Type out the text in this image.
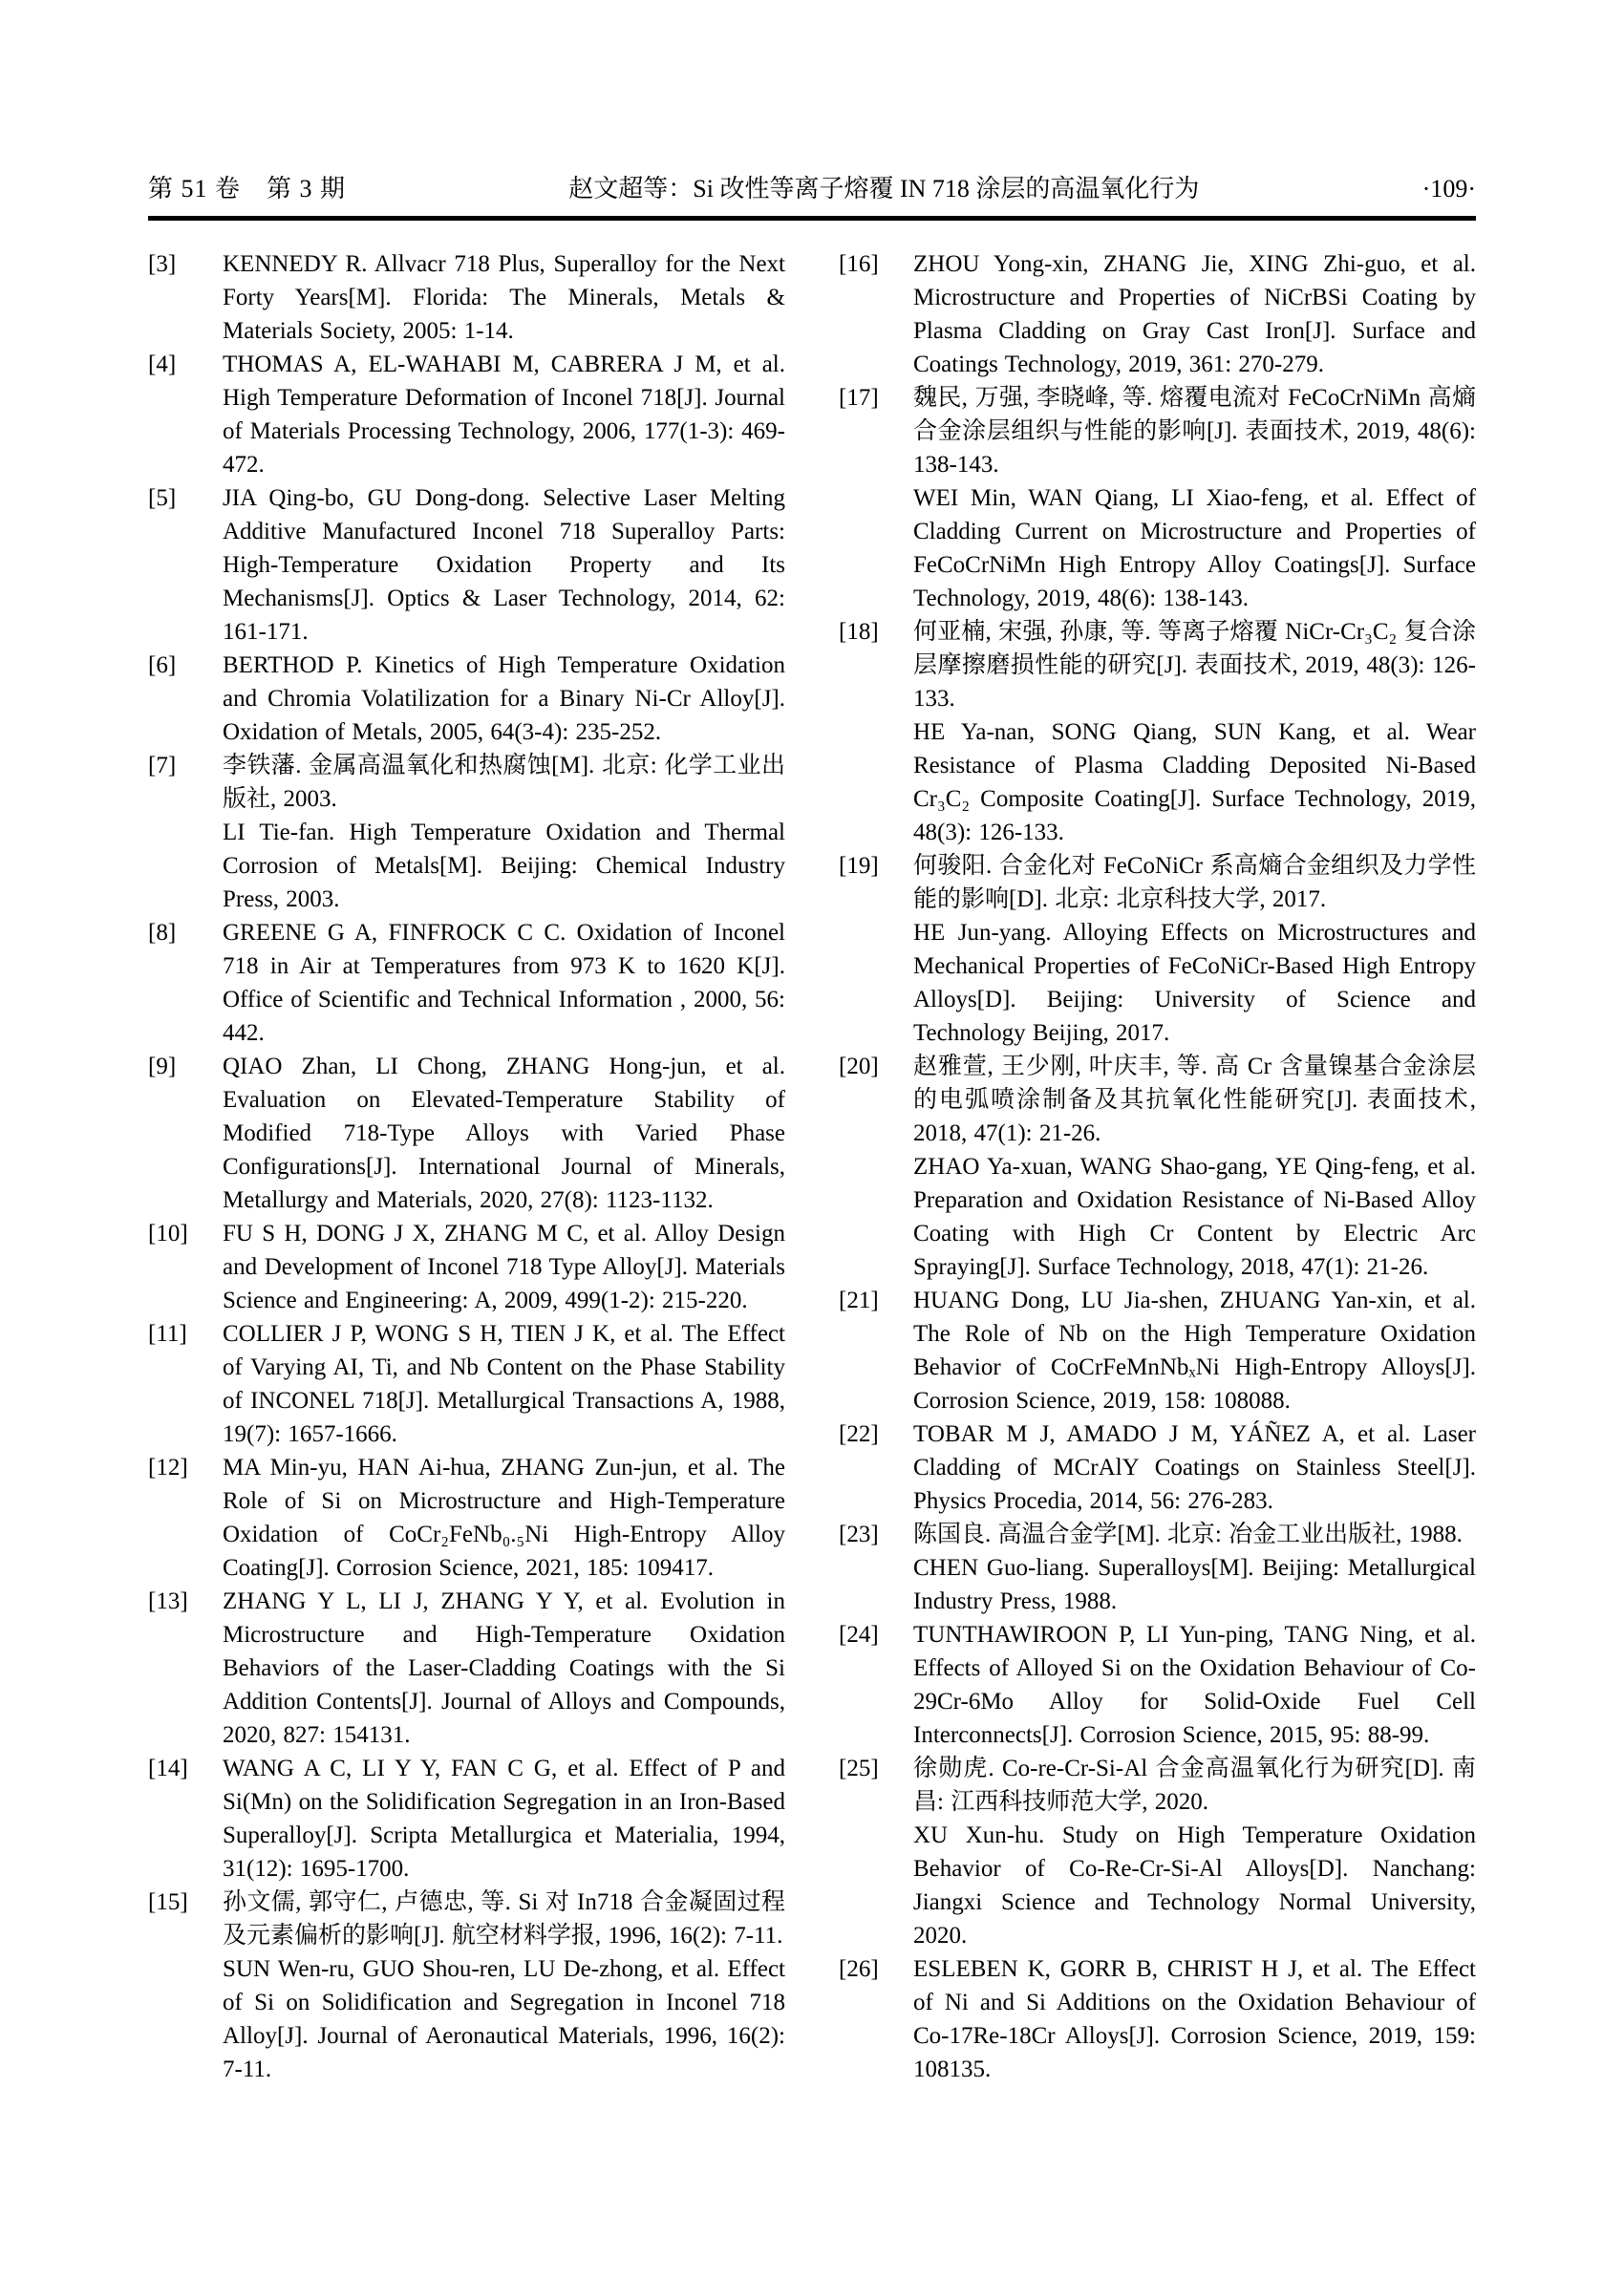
第 51 卷　第 3 期	赵文超等：Si 改性等离子熔覆 IN 718 涂层的高温氧化行为	·109·
[3]	KENNEDY R. Allvacr 718 Plus, Superalloy for the Next Forty Years[M]. Florida: The Minerals, Metals & Materials Society, 2005: 1-14.

[4]	THOMAS A, EL-WAHABI M, CABRERA J M, et al. High Temperature Deformation of Inconel 718[J]. Journal of Materials Processing Technology, 2006, 177(1-3): 469-472.

[5]	JIA Qing-bo, GU Dong-dong. Selective Laser Melting Additive Manufactured Inconel 718 Superalloy Parts: High-Temperature Oxidation Property and Its Mechanisms[J]. Optics & Laser Technology, 2014, 62: 161-171.

[6]	BERTHOD P. Kinetics of High Temperature Oxidation and Chromia Volatilization for a Binary Ni-Cr Alloy[J]. Oxidation of Metals, 2005, 64(3-4): 235-252.

[7]	李铁藩. 金属高温氧化和热腐蚀[M]. 北京: 化学工业出版社, 2003.

LI Tie-fan. High Temperature Oxidation and Thermal Corrosion of Metals[M]. Beijing: Chemical Industry Press, 2003.

[8]	GREENE G A, FINFROCK C C. Oxidation of Inconel 718 in Air at Temperatures from 973 K to 1620 K[J]. Office of Scientific and Technical Information , 2000, 56: 442.

[9]	QIAO Zhan, LI Chong, ZHANG Hong-jun, et al. Evaluation on Elevated-Temperature Stability of Modified 718-Type Alloys with Varied Phase Configurations[J]. International Journal of Minerals, Metallurgy and Materials, 2020, 27(8): 1123-1132.

[10]	FU S H, DONG J X, ZHANG M C, et al. Alloy Design and Development of Inconel 718 Type Alloy[J]. Materials Science and Engineering: A, 2009, 499(1-2): 215-220.

[11]	COLLIER J P, WONG S H, TIEN J K, et al. The Effect of Varying AI, Ti, and Nb Content on the Phase Stability of INCONEL 718[J]. Metallurgical Transactions A, 1988, 19(7): 1657-1666.

[12]	MA Min-yu, HAN Ai-hua, ZHANG Zun-jun, et al. The Role of Si on Microstructure and High-Temperature Oxidation of CoCr₂FeNb₀.₅Ni High-Entropy Alloy Coating[J]. Corrosion Science, 2021, 185: 109417.

[13]	ZHANG Y L, LI J, ZHANG Y Y, et al. Evolution in Microstructure and High-Temperature Oxidation Behaviors of the Laser-Cladding Coatings with the Si Addition Contents[J]. Journal of Alloys and Compounds, 2020, 827: 154131.

[14]	WANG A C, LI Y Y, FAN C G, et al. Effect of P and Si(Mn) on the Solidification Segregation in an Iron-Based Superalloy[J]. Scripta Metallurgica et Materialia, 1994, 31(12): 1695-1700.

[15]	孙文儒, 郭守仁, 卢德忠, 等. Si 对 In718 合金凝固过程及元素偏析的影响[J]. 航空材料学报, 1996, 16(2): 7-11.

SUN Wen-ru, GUO Shou-ren, LU De-zhong, et al. Effect of Si on Solidification and Segregation in Inconel 718 Alloy[J]. Journal of Aeronautical Materials, 1996, 16(2): 7-11.

[16]	ZHOU Yong-xin, ZHANG Jie, XING Zhi-guo, et al. Microstructure and Properties of NiCrBSi Coating by Plasma Cladding on Gray Cast Iron[J]. Surface and Coatings Technology, 2019, 361: 270-279.

[17]	魏民, 万强, 李晓峰, 等. 熔覆电流对 FeCoCrNiMn 高熵合金涂层组织与性能的影响[J]. 表面技术, 2019, 48(6): 138-143.

WEI Min, WAN Qiang, LI Xiao-feng, et al. Effect of Cladding Current on Microstructure and Properties of FeCoCrNiMn High Entropy Alloy Coatings[J]. Surface Technology, 2019, 48(6): 138-143.

[18]	何亚楠, 宋强, 孙康, 等. 等离子熔覆 NiCr-Cr₃C₂ 复合涂层摩擦磨损性能的研究[J]. 表面技术, 2019, 48(3): 126-133.

HE Ya-nan, SONG Qiang, SUN Kang, et al. Wear Resistance of Plasma Cladding Deposited Ni-Based Cr₃C₂ Composite Coating[J]. Surface Technology, 2019, 48(3): 126-133.

[19]	何骏阳. 合金化对 FeCoNiCr 系高熵合金组织及力学性能的影响[D]. 北京: 北京科技大学, 2017.

HE Jun-yang. Alloying Effects on Microstructures and Mechanical Properties of FeCoNiCr-Based High Entropy Alloys[D]. Beijing: University of Science and Technology Beijing, 2017.

[20]	赵雅萱, 王少刚, 叶庆丰, 等. 高 Cr 含量镍基合金涂层的电弧喷涂制备及其抗氧化性能研究[J]. 表面技术, 2018, 47(1): 21-26.

ZHAO Ya-xuan, WANG Shao-gang, YE Qing-feng, et al. Preparation and Oxidation Resistance of Ni-Based Alloy Coating with High Cr Content by Electric Arc Spraying[J]. Surface Technology, 2018, 47(1): 21-26.

[21]	HUANG Dong, LU Jia-shen, ZHUANG Yan-xin, et al. The Role of Nb on the High Temperature Oxidation Behavior of CoCrFeMnNbₓNi High-Entropy Alloys[J]. Corrosion Science, 2019, 158: 108088.

[22]	TOBAR M J, AMADO J M, YÁÑEZ A, et al. Laser Cladding of MCrAlY Coatings on Stainless Steel[J]. Physics Procedia, 2014, 56: 276-283.

[23]	陈国良. 高温合金学[M]. 北京: 冶金工业出版社, 1988.

CHEN Guo-liang. Superalloys[M]. Beijing: Metallurgical Industry Press, 1988.

[24]	TUNTHAWIROON P, LI Yun-ping, TANG Ning, et al. Effects of Alloyed Si on the Oxidation Behaviour of Co-29Cr-6Mo Alloy for Solid-Oxide Fuel Cell Interconnects[J]. Corrosion Science, 2015, 95: 88-99.

[25]	徐勋虎. Co-re-Cr-Si-Al 合金高温氧化行为研究[D]. 南昌: 江西科技师范大学, 2020.

XU Xun-hu. Study on High Temperature Oxidation Behavior of Co-Re-Cr-Si-Al Alloys[D]. Nanchang: Jiangxi Science and Technology Normal University, 2020.

[26]	ESLEBEN K, GORR B, CHRIST H J, et al. The Effect of Ni and Si Additions on the Oxidation Behaviour of Co-17Re-18Cr Alloys[J]. Corrosion Science, 2019, 159: 108135.
